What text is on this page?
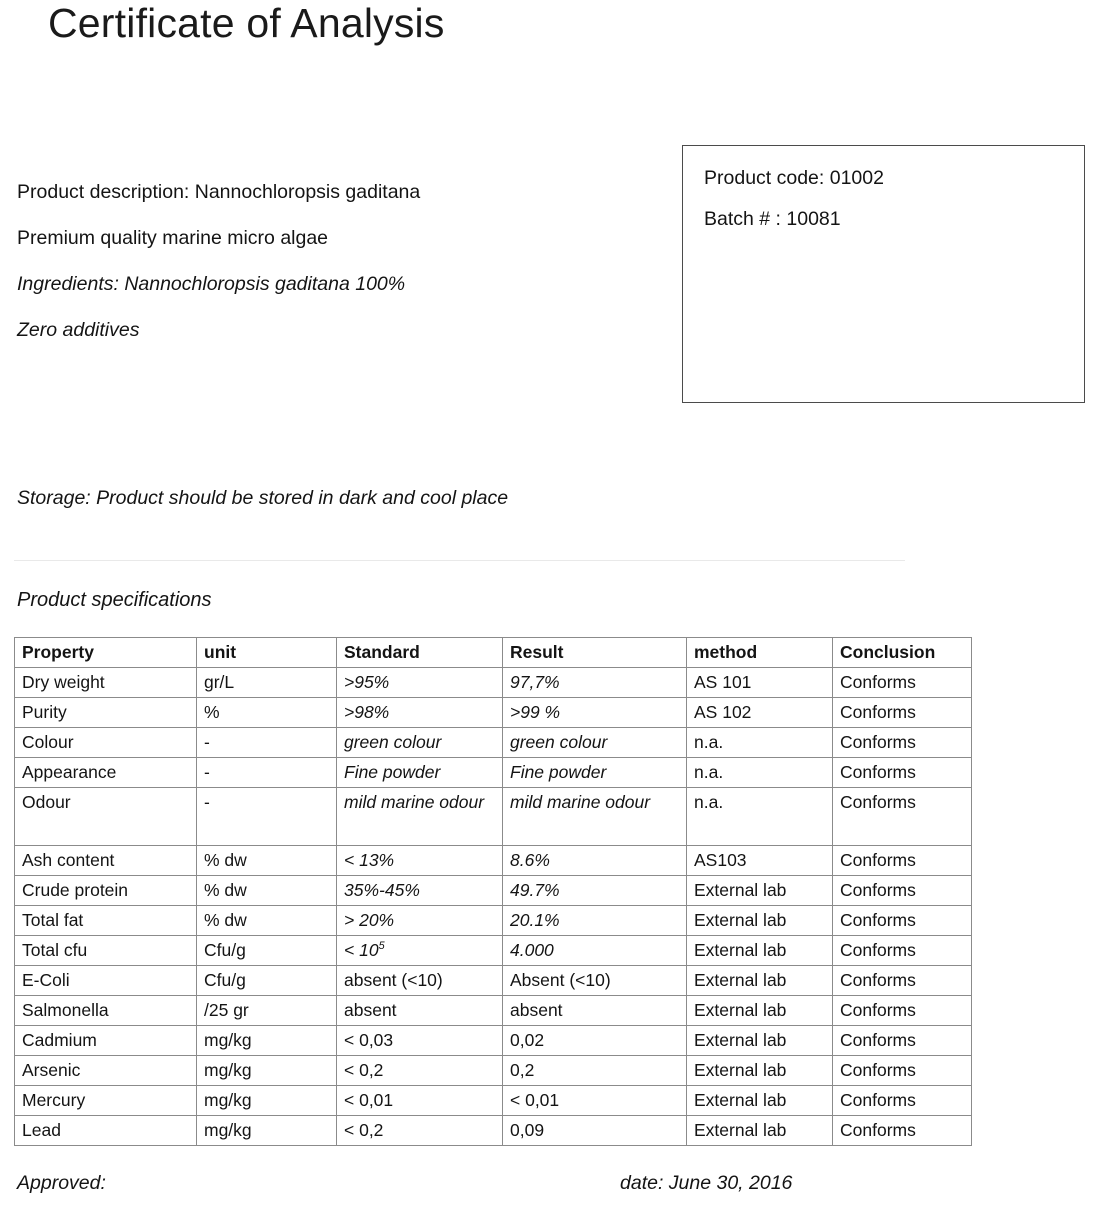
Certificate of Analysis
Product description: Nannochloropsis gaditana
Premium quality marine micro algae
Ingredients: Nannochloropsis gaditana 100%
Zero additives
Product code: 01002
Batch # : 10081
Storage: Product should be stored in dark and cool place
Product specifications
Property	unit	Standard	Result	method	Conclusion
Dry weight	gr/L	>95%	97,7%	AS 101	Conforms
Purity	%	>98%	>99 %	AS 102	Conforms
Colour	-	green colour	green colour	n.a.	Conforms
Appearance	-	Fine powder	Fine powder	n.a.	Conforms
Odour	-	mild marine odour	mild marine odour	n.a.	Conforms
Ash content	% dw	< 13%	8.6%	AS103	Conforms
Crude protein	% dw	35%-45%	49.7%	External lab	Conforms
Total fat	% dw	> 20%	20.1%	External lab	Conforms
Total cfu	Cfu/g	< $10^5$	4.000	External lab	Conforms
E-Coli	Cfu/g	absent (<10)	Absent (<10)	External lab	Conforms
Salmonella	/25 gr	absent	absent	External lab	Conforms
Cadmium	mg/kg	< 0,03	0,02	External lab	Conforms
Arsenic	mg/kg	< 0,2	0,2	External lab	Conforms
Mercury	mg/kg	< 0,01	< 0,01	External lab	Conforms
Lead	mg/kg	< 0,2	0,09	External lab	Conforms
Approved:	date: June 30, 2016
